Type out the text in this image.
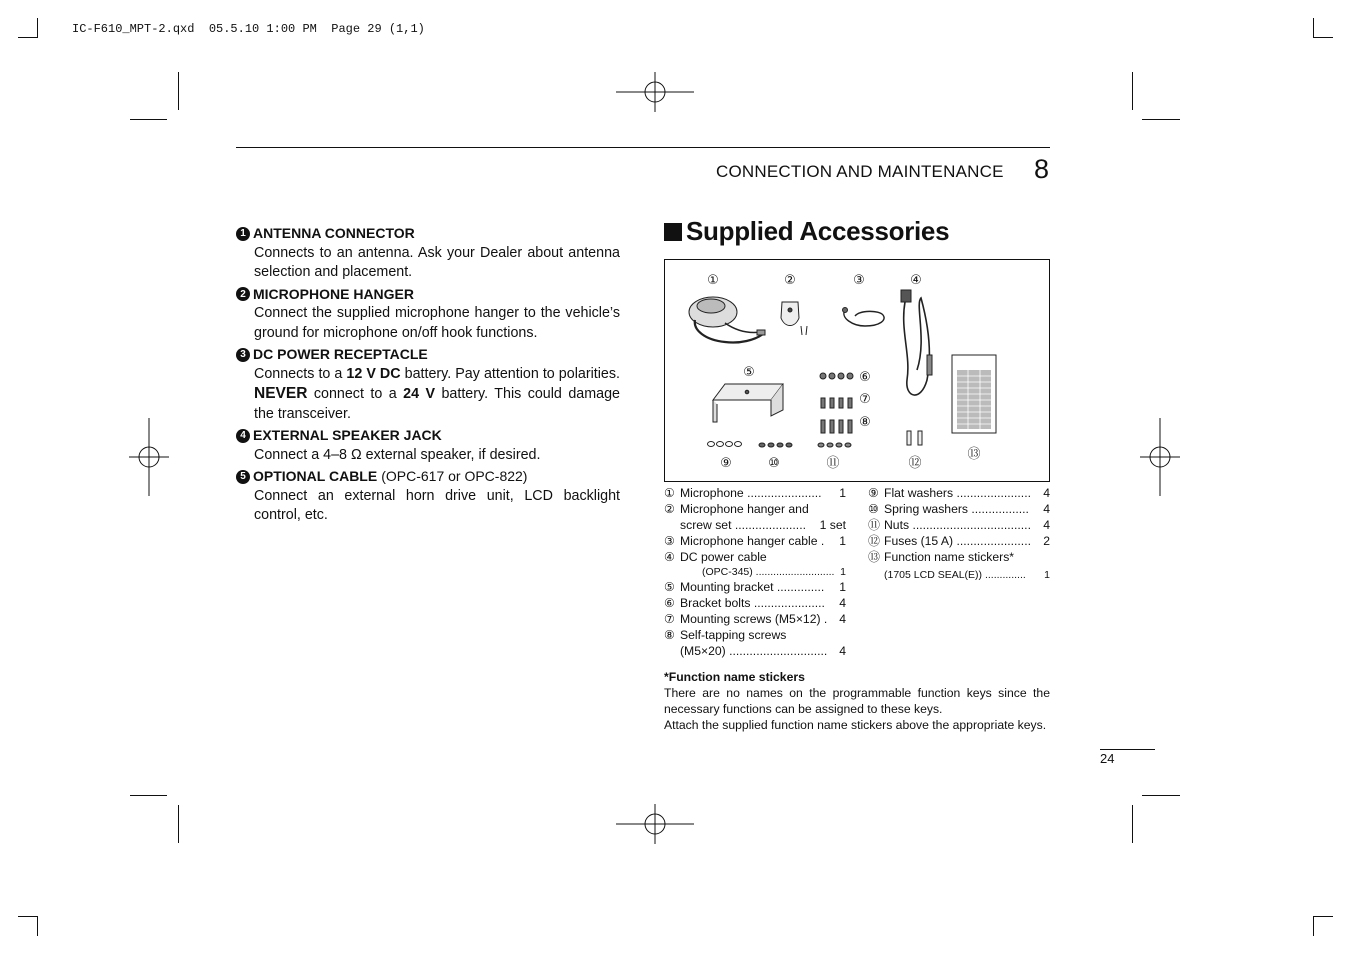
IC-F610_MPT-2.qxd  05.5.10 1:00 PM  Page 29 (1,1)
CONNECTION AND MAINTENANCE 8
1 ANTENNA CONNECTOR
Connects to an antenna. Ask your Dealer about antenna selection and placement.
2 MICROPHONE HANGER
Connect the supplied microphone hanger to the vehicle’s ground for microphone on/off hook functions.
3 DC POWER RECEPTACLE
Connects to a 12 V DC battery. Pay attention to polarities. NEVER connect to a 24 V battery. This could damage the transceiver.
4 EXTERNAL SPEAKER JACK
Connect a 4–8 Ω external speaker, if desired.
5 OPTIONAL CABLE (OPC-617 or OPC-822)
Connect an external horn drive unit, LCD backlight control, etc.
Supplied Accessories
①	②	③	④
⑤	⑥
⑦
⑧
⑨	⑩	⑪	⑫
⑬
① Microphone ......................	1
② Microphone hanger and
screw set .....................	1 set
③ Microphone hanger cable .	1
④ DC power cable
(OPC-345) ........................... 1
⑤ Mounting bracket ..............	1
⑥ Bracket bolts .....................	4
⑦ Mounting screws (M5×12) . 4
⑧ Self-tapping screws
(M5×20) ............................. 4
⑨ Flat washers ......................	4
⑩ Spring washers .................	4
⑪ Nuts ...................................	4
⑫ Fuses (15 A) ......................	2
⑬ Function name stickers*
(1705 LCD SEAL(E)) ..............	1
*Function name stickers
There are no names on the programmable function keys since the necessary functions can be assigned to these keys.
Attach the supplied function name stickers above the appropriate keys.
24
